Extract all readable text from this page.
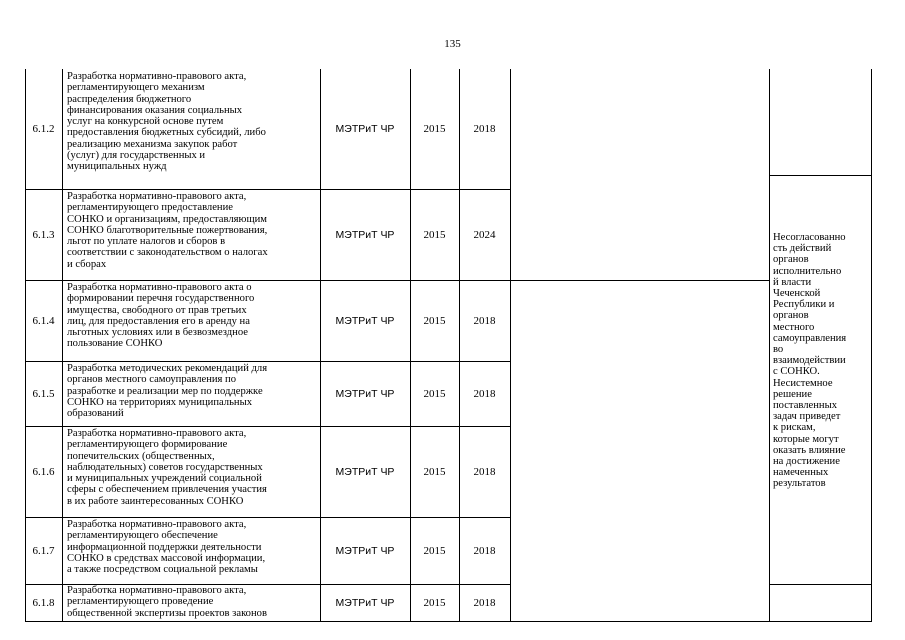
135
6.1.2
Разработка нормативно-правового акта,
регламентирующего механизм
распределения бюджетного
финансирования оказания социальных
услуг на конкурсной основе путем
предоставления бюджетных субсидий, либо
реализацию механизма закупок работ
(услуг) для государственных и
муниципальных нужд
МЭТРиТ ЧР	2015	2018
6.1.3
Разработка нормативно-правового акта,
регламентирующего предоставление
СОНКО и организациям, предоставляющим
СОНКО благотворительные пожертвования,
льгот по уплате налогов и сборов в
соответствии с законодательством о налогах
и сборах
МЭТРиТ ЧР	2015	2024
6.1.4
Разработка нормативно-правового акта о
формировании перечня государственного
имущества, свободного от прав третьих
лиц, для предоставления его в аренду на
льготных условиях или в безвозмездное
пользование СОНКО
МЭТРиТ ЧР	2015	2018
6.1.5
Разработка методических рекомендаций для
органов местного самоуправления по
разработке и реализации мер по поддержке
СОНКО на территориях муниципальных
образований
МЭТРиТ ЧР	2015	2018
6.1.6
Разработка нормативно-правового акта,
регламентирующего формирование
попечительских (общественных,
наблюдательных) советов государственных
и муниципальных учреждений социальной
сферы с обеспечением привлечения участия
в их работе заинтересованных СОНКО
МЭТРиТ ЧР	2015	2018
6.1.7
Разработка нормативно-правового акта,
регламентирующего обеспечение
информационной поддержки деятельности
СОНКО в средствах массовой информации,
а также посредством социальной рекламы
МЭТРиТ ЧР	2015	2018
6.1.8
Разработка нормативно-правового акта,
регламентирующего проведение
общественной экспертизы проектов законов
МЭТРиТ ЧР	2015	2018
Несогласованно
сть действий
органов
исполнительно
й власти
Чеченской
Республики и
органов
местного
самоуправления
во
взаимодействии
с СОНКО.
Несистемное
решение
поставленных
задач приведет
к рискам,
которые могут
оказать влияние
на достижение
намеченных
результатов
